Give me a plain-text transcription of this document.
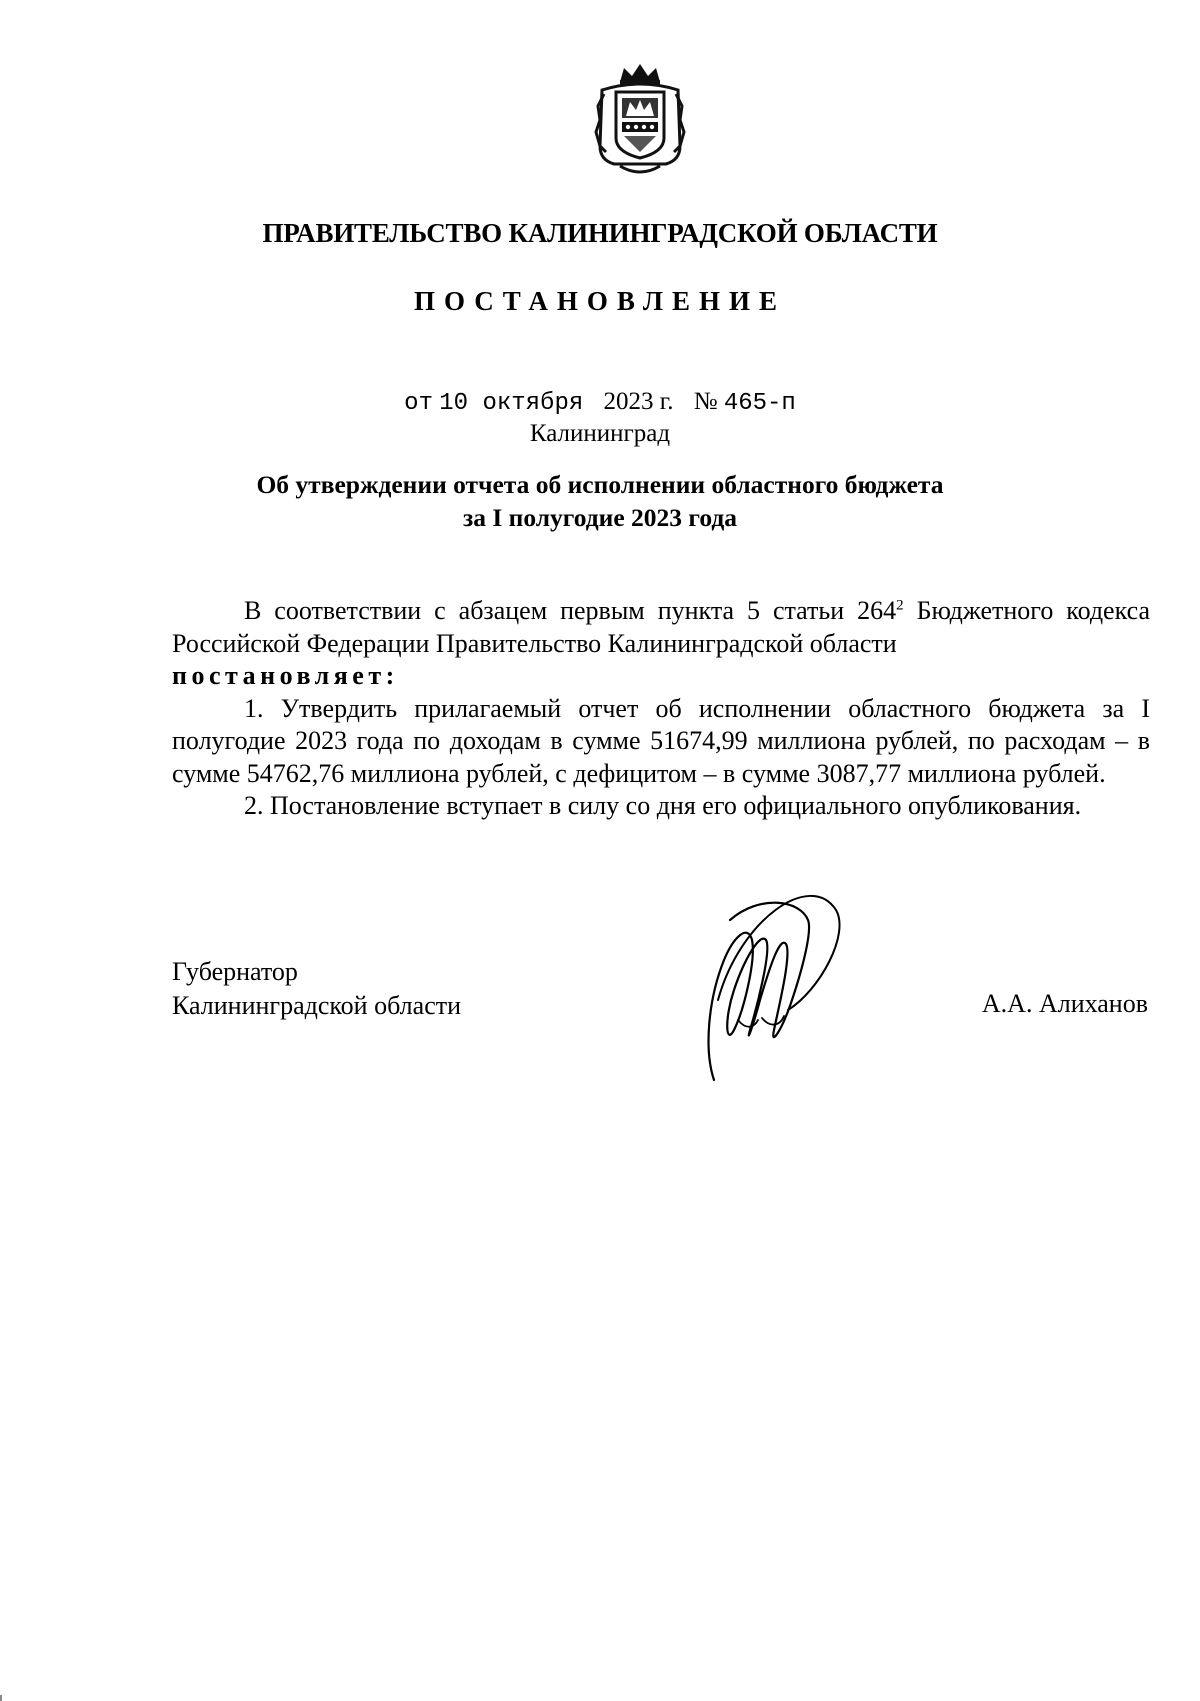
ПРАВИТЕЛЬСТВО КАЛИНИНГРАДСКОЙ ОБЛАСТИ
ПОСТАНОВЛЕНИЕ
от 10 октября 2023 г. № 465-п
Калининград
Об утверждении отчета об исполнении областного бюджета
за I полугодие 2023 года

В соответствии с абзацем первым пункта 5 статьи $264^2$ Бюджетного кодекса Российской Федерации Правительство Калининградской области

постановляет:

1. Утвердить прилагаемый отчет об исполнении областного бюджета за I полугодие 2023 года по доходам в сумме 51674,99 миллиона рублей, по расходам – в сумме 54762,76 миллиона рублей, с дефицитом – в сумме 3087,77 миллиона рублей.

2. Постановление вступает в силу со дня его официального опубликования.

Губернатор
Калининградской области	А.А. Алиханов
